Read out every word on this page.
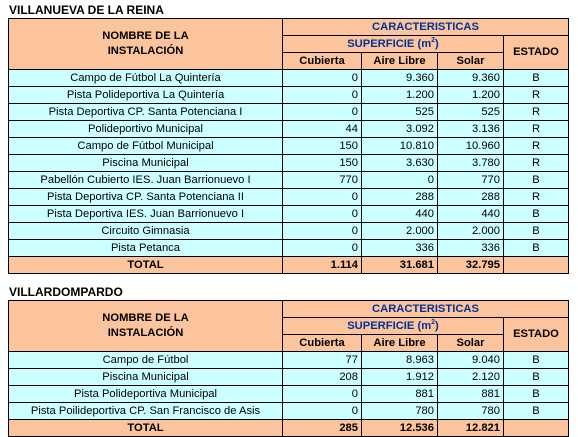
VILLANUEVA DE LA REINA
NOMBRE DE LA
INSTALACIÓN	CARACTERISTICAS			
	SUPERFICIE $(m^2)$			ESTADO
	Cubierta	Aire Libre	Solar	
Campo de Fútbol La Quintería	0	9.360	9.360	B
Pista Polideportiva La Quintería	0	1.200	1.200	R
Pista Deportiva CP. Santa Potenciana I	0	525	525	R
Polideportivo Municipal	44	3.092	3.136	R
Campo de Fútbol Municipal	150	10.810	10.960	R
Piscina Municipal	150	3.630	3.780	R
Pabellón Cubierto IES. Juan Barrionuevo I	770	0	770	B
Pista Deportiva CP. Santa Potenciana II	0	288	288	R
Pista Deportiva IES. Juan Barrionuevo I	0	440	440	B
Circuito Gimnasia	0	2.000	2.000	B
Pista Petanca	0	336	336	B
TOTAL	1.114	31.681	32.795	
VILLARDOMPARDO
NOMBRE DE LA
INSTALACIÓN	CARACTERISTICAS			
	SUPERFICIE $(m^2)$			ESTADO
	Cubierta	Aire Libre	Solar	
Campo de Fútbol	77	8.963	9.040	B
Piscina Municipal	208	1.912	2.120	B
Pista Polideportiva Municipal	0	881	881	B
Pista Poilideportiva CP. San Francisco de Asis	0	780	780	B
TOTAL	285	12.536	12.821	
